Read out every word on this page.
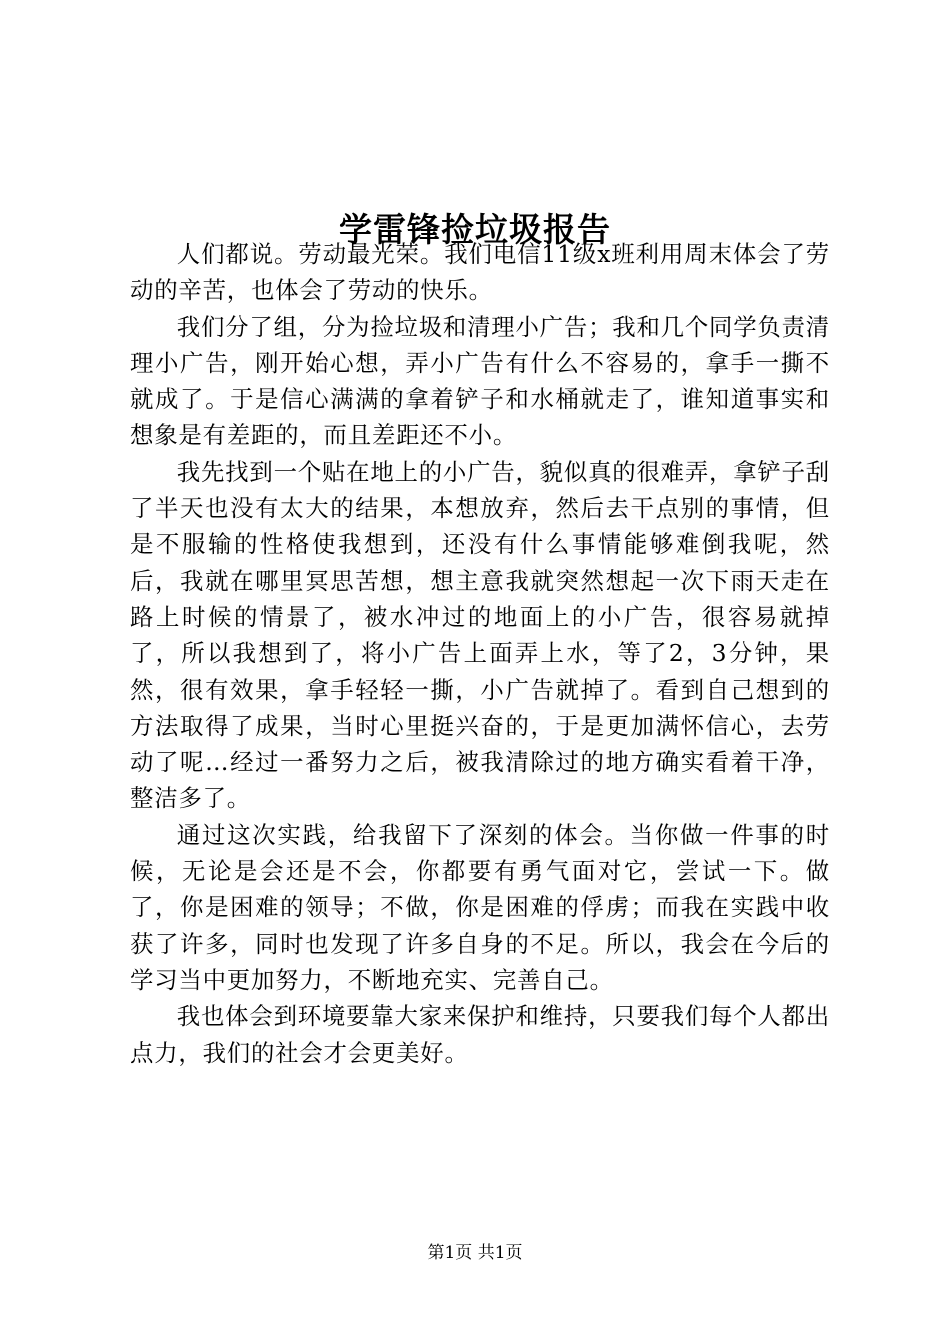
学雷锋捡垃圾报告

人们都说。劳动最光荣。我们电信11级x班利用周末体会了劳动的辛苦，也体会了劳动的快乐。

我们分了组，分为捡垃圾和清理小广告；我和几个同学负责清理小广告，刚开始心想，弄小广告有什么不容易的，拿手一撕不就成了。于是信心满满的拿着铲子和水桶就走了，谁知道事实和想象是有差距的，而且差距还不小。

我先找到一个贴在地上的小广告，貌似真的很难弄，拿铲子刮了半天也没有太大的结果，本想放弃，然后去干点别的事情，但是不服输的性格使我想到，还没有什么事情能够难倒我呢，然后，我就在哪里冥思苦想，想主意我就突然想起一次下雨天走在路上时候的情景了，被水冲过的地面上的小广告，很容易就掉了，所以我想到了，将小广告上面弄上水，等了2，3分钟，果然，很有效果，拿手轻轻一撕，小广告就掉了。看到自己想到的方法取得了成果，当时心里挺兴奋的，于是更加满怀信心，去劳动了呢…经过一番努力之后，被我清除过的地方确实看着干净，整洁多了。

通过这次实践，给我留下了深刻的体会。当你做一件事的时候，无论是会还是不会，你都要有勇气面对它，尝试一下。做了，你是困难的领导；不做，你是困难的俘虏；而我在实践中收获了许多，同时也发现了许多自身的不足。所以，我会在今后的学习当中更加努力，不断地充实、完善自己。

我也体会到环境要靠大家来保护和维持，只要我们每个人都出点力，我们的社会才会更美好。

第1页 共1页
